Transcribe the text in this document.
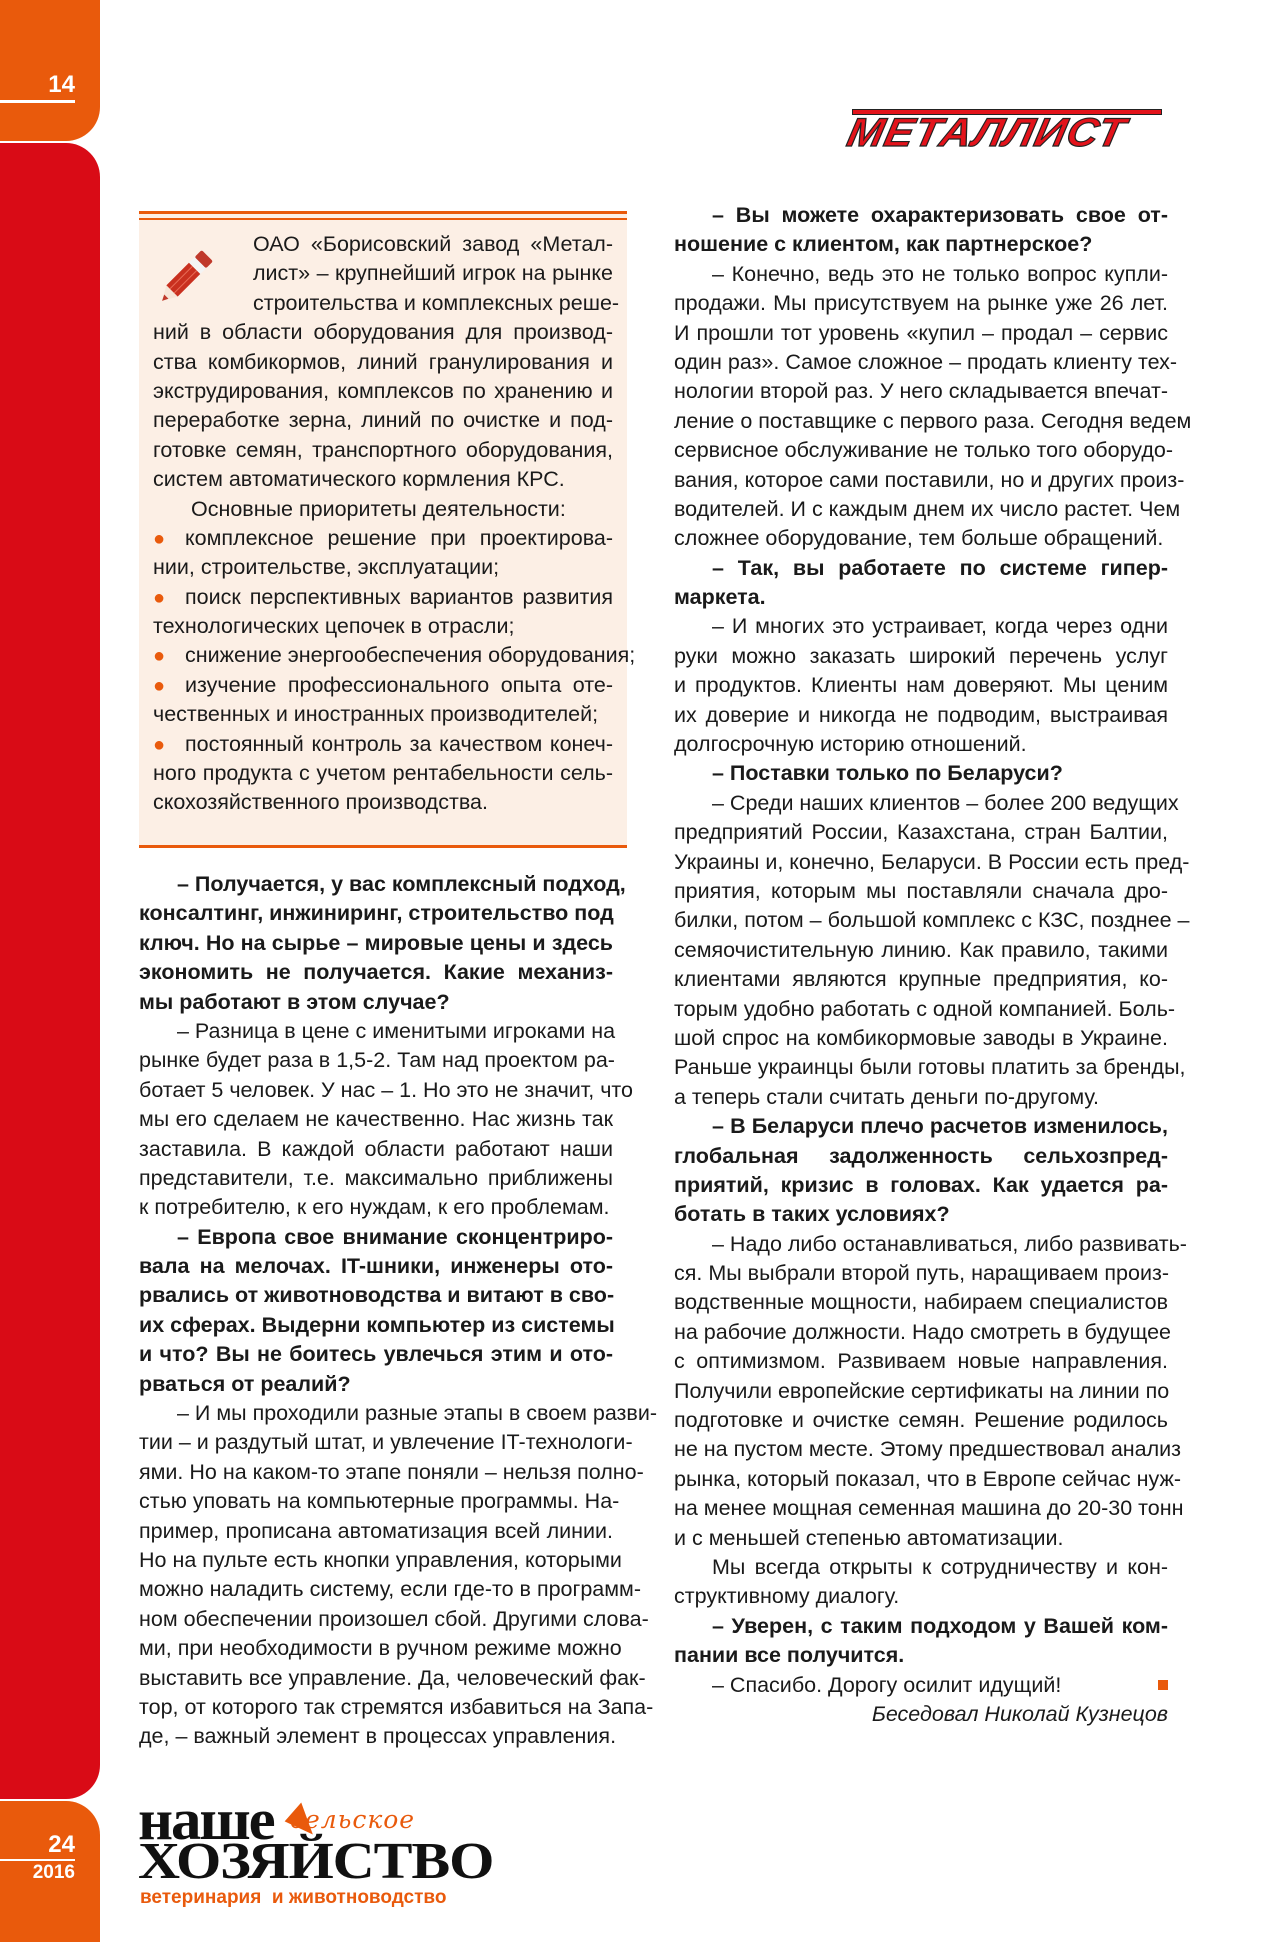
14
24
2016
МЕТАЛЛИСТ
ОАО «Борисовский завод «Метал-
лист» – крупнейший игрок на рынке
строительства и комплексных реше-
ний в области оборудования для производ-
ства комбикормов, линий гранулирования и
экструдирования, комплексов по хранению и
переработке зерна, линий по очистке и под-
готовке семян, транспортного оборудования,
систем автоматического кормления КРС.
Основные приоритеты деятельности:
● комплексное решение при проектирова-
нии, строительстве, эксплуатации;
● поиск перспективных вариантов развития
технологических цепочек в отрасли;
● снижение энергообеспечения оборудования;
● изучение профессионального опыта оте-
чественных и иностранных производителей;
● постоянный контроль за качеством конеч-
ного продукта с учетом рентабельности сель-
скохозяйственного производства.
– Получается, у вас комплексный подход,
консалтинг, инжиниринг, строительство под
ключ. Но на сырье – мировые цены и здесь
экономить не получается. Какие механиз-
мы работают в этом случае?
– Разница в цене с именитыми игроками на
рынке будет раза в 1,5-2. Там над проектом ра-
ботает 5 человек. У нас – 1. Но это не значит, что
мы его сделаем не качественно. Нас жизнь так
заставила. В каждой области работают наши
представители, т.е. максимально приближены
к потребителю, к его нуждам, к его проблемам.
– Европа свое внимание сконцентриро-
вала на мелочах. IT-шники, инженеры ото-
рвались от животноводства и витают в сво-
их сферах. Выдерни компьютер из системы
и что? Вы не боитесь увлечься этим и ото-
рваться от реалий?
– И мы проходили разные этапы в своем разви-
тии – и раздутый штат, и увлечение IT-технологи-
ями. Но на каком-то этапе поняли – нельзя полно-
стью уповать на компьютерные программы. На-
пример, прописана автоматизация всей линии.
Но на пульте есть кнопки управления, которыми
можно наладить систему, если где-то в программ-
ном обеспечении произошел сбой. Другими слова-
ми, при необходимости в ручном режиме можно
выставить все управление. Да, человеческий фак-
тор, от которого так стремятся избавиться на Запа-
де, – важный элемент в процессах управления.
– Вы можете охарактеризовать свое от-
ношение с клиентом, как партнерское?
– Конечно, ведь это не только вопрос купли-
продажи. Мы присутствуем на рынке уже 26 лет.
И прошли тот уровень «купил – продал – сервис
один раз». Самое сложное – продать клиенту тех-
нологии второй раз. У него складывается впечат-
ление о поставщике с первого раза. Сегодня ведем
сервисное обслуживание не только того оборудо-
вания, которое сами поставили, но и других произ-
водителей. И с каждым днем их число растет. Чем
сложнее оборудование, тем больше обращений.
– Так, вы работаете по системе гипер-
маркета.
– И многих это устраивает, когда через одни
руки можно заказать широкий перечень услуг
и продуктов. Клиенты нам доверяют. Мы ценим
их доверие и никогда не подводим, выстраивая
долгосрочную историю отношений.
– Поставки только по Беларуси?
– Среди наших клиентов – более 200 ведущих
предприятий России, Казахстана, стран Балтии,
Украины и, конечно, Беларуси. В России есть пред-
приятия, которым мы поставляли сначала дро-
билки, потом – большой комплекс с КЗС, позднее –
семяочистительную линию. Как правило, такими
клиентами являются крупные предприятия, ко-
торым удобно работать с одной компанией. Боль-
шой спрос на комбикормовые заводы в Украине.
Раньше украинцы были готовы платить за бренды,
а теперь стали считать деньги по-другому.
– В Беларуси плечо расчетов изменилось,
глобальная задолженность сельхозпред-
приятий, кризис в головах. Как удается ра-
ботать в таких условиях?
– Надо либо останавливаться, либо развивать-
ся. Мы выбрали второй путь, наращиваем произ-
водственные мощности, набираем специалистов
на рабочие должности. Надо смотреть в будущее
с оптимизмом. Развиваем новые направления.
Получили европейские сертификаты на линии по
подготовке и очистке семян. Решение родилось
не на пустом месте. Этому предшествовал анализ
рынка, который показал, что в Европе сейчас нуж-
на менее мощная семенная машина до 20-30 тонн
и с меньшей степенью автоматизации.
Мы всегда открыты к сотрудничеству и кон-
структивному диалогу.
– Уверен, с таким подходом у Вашей ком-
пании все получится.
– Спасибо. Дорогу осилит идущий!
Беседовал Николай Кузнецов
наше сельское
ХОЗЯЙСТВО
ветеринария  и животноводство
